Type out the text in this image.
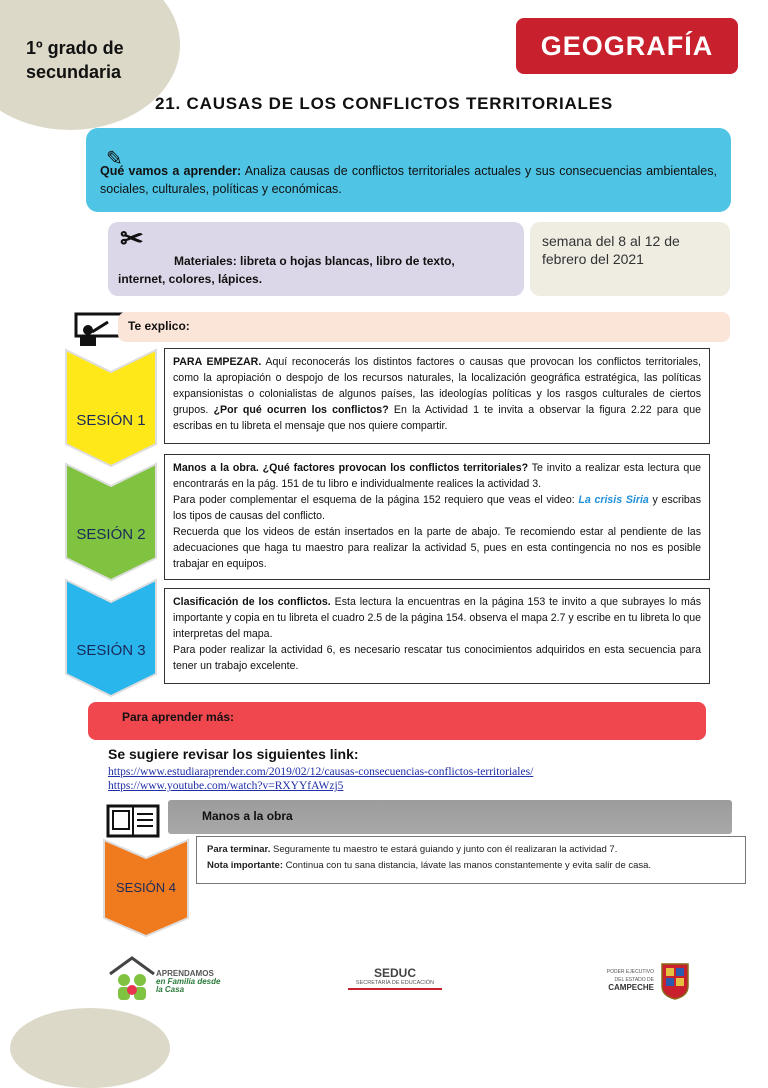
1º grado de
secundaria
GEOGRAFÍA
21. CAUSAS DE LOS CONFLICTOS TERRITORIALES
✎
Qué vamos a aprender: Analiza causas de conflictos territoriales actuales y sus consecuencias ambientales, sociales, culturales, políticas y económicas.
✂
Materiales: libreta o hojas blancas, libro de texto,
internet, colores, lápices.
semana del 8 al 12 de febrero del 2021
Te explico:
SESIÓN 1
PARA EMPEZAR. Aquí reconocerás los distintos factores o causas que provocan los conflictos territoriales, como la apropiación o despojo de los recursos naturales, la localización geográfica estratégica, las políticas expansionistas o colonialistas de algunos países, las ideologías políticas y los rasgos culturales de ciertos grupos. ¿Por qué ocurren los conflictos? En la Actividad 1 te invita a observar la figura 2.22 para que escribas en tu libreta el mensaje que nos quiere compartir.
SESIÓN 2
Manos a la obra. ¿Qué factores provocan los conflictos territoriales? Te invito a realizar esta lectura que encontrarás en la pág. 151 de tu libro e individualmente realices la actividad 3.
Para poder complementar el esquema de la página 152 requiero que veas el video: La crisis Siria y escribas los tipos de causas del conflicto.
Recuerda que los videos de están insertados en la parte de abajo. Te recomiendo estar al pendiente de las adecuaciones que haga tu maestro para realizar la actividad 5, pues en esta contingencia no nos es posible trabajar en equipos.
SESIÓN 3
Clasificación de los conflictos. Esta lectura la encuentras en la página 153 te invito a que subrayes lo más importante y copia en tu libreta el cuadro 2.5 de la página 154. observa el mapa 2.7 y escribe en tu libreta lo que interpretas del mapa.
Para poder realizar la actividad 6, es necesario rescatar tus conocimientos adquiridos en esta secuencia para tener un trabajo excelente.
Para aprender más:
Se sugiere revisar los siguientes link:
https://www.estudiaraprender.com/2019/02/12/causas-consecuencias-conflictos-territoriales/
https://www.youtube.com/watch?v=RXYYfAWzj5
Manos a la obra
SESIÓN 4
Para terminar. Seguramente tu maestro te estará guiando y junto con él realizaran la actividad 7.
Nota importante: Continua con tu sana distancia, lávate las manos constantemente y evita salir de casa.
APRENDAMOS
en Familia desde
la Casa
SEDUC
SECRETARÍA DE EDUCACIÓN
PODER EJECUTIVO
DEL ESTADO DE
CAMPECHE
